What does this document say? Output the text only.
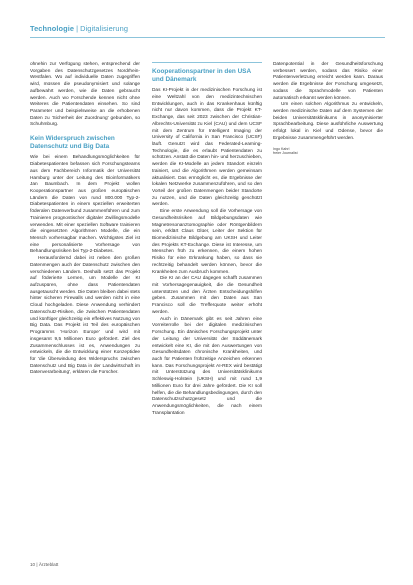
Technologie | Digitalisierung

ohnehin zur Verfügung stehen, entsprechend der Vorgaben des Datenschutzgesetzes Nordrhein-Westfalen. Wo auf individuelle Daten zugegriffen wird, müssen die pseudonymisiert und solange aufbewahrt werden, wie die Daten gebraucht werden. Auch wo Forschende kennen nicht ohne Weiteres die Patientendaten einsehen. So sind Parameter und beispielsweise an die erhobenen Daten zu 'Sicherheit der Zuordnung' gebunden, so Schuhmburg.

Kein Widerspruch zwischen Datenschutz und Big Data

Wie bei einem Behandlungsmöglichkeiten für Diabetespatienten befassen sich Forschungsteams aus dem Fachbereich Informatik der Universität Hamburg unter der Leitung des Bioinformatikers Jan Baumbach. In dem Projekt wollen Kooperationspartner aus großen europäischen Ländern die Daten von rund 800.000 Typ-2-Diabetespatienten in einem speziellen erweiterten föderalen Datenverbund zusammenführen und zum Trainieren prognostischer digitaler Zwillingsmodelle verwenden. Mit einer speziellen Software trainieren die eingesetzten Algorithmen Modelle, die ein Mensch vorhersagbar machen. Wichtigstes Ziel ist eine personalisierte Vorhersage von Behandlungsrisiken bei Typ-2-Diabetes.

Herausfordernd dabei ist neben den großen Datenmengen auch der Datenschutz zwischen den verschiedenen Ländern. Deshalb setzt das Projekt auf föderierte Lernen, um Modelle der KI aufzuspüren, ohne dass Patientendaten ausgetauscht werden. Die Daten bleiben dabei stets hinter sicheren Firewalls und werden nicht in eine Cloud hochgeladen. Diese Anwendung verhindert Datenschutz-Risiken, die zwischen Patientendaten und künftiger gleichzeitig ein effektives Nutzung von Big Data. Das Projekt ist Teil des europäischen Programms 'Horizon Europe' und wird mit insgesamt 9,5 Millionen Euro gefördert. Ziel des Zusammenschlusses ist es, Anwendungen zu entwickeln, die die Entwicklung einer Konzeptidee für 'die Überwindung des Widerspruchs zwischen Datenschutz und Big Data in der Landwirtschaft im Datenverarbeitung', erklären die Forscher.

Kooperationspartner in den USA und Dänemark

Das KI-Projekt in der medizinischen Forschung ist eine Weltzahl von den medizintechnischen Entwicklungen, auch in das Krankenhaus künftig nicht nur davon kommen, dass die Projekt KT-Exchange, das seit 2023 zwischen der Christian-Albrechts-Universität zu Kiel (CAU) und dem UCSF mit dem Zentrum für Intelligent Imaging der University of California in San Francisco (UCSF) läuft. Genutzt wird das Federated-Learning-Technologie, die es erlaubt Patientendaten zu schützen. Anstatt die Daten hin- und herzuschieben, werden die KI-Modelle an jedem Standort einzeln trainiert, und die Algorithmen werden gemeinsam aktualisiert. Das ermöglicht es, die Ergebnisse der lokalen Netzwerke zusammenzuführen, und so den Vorteil der großen Datenmengen beider Standorte zu nutzen, und die Daten gleichzeitig geschützt werden.

Eine erste Anwendung soll die Vorhersage von Gesundheitsrisiken auf Bildgebungsdaten wie Magnetresonanztomographie oder Röntgenbildern sein, erklärt Claus Glüer, Leiter der Sektion für Biomedizinische Bildgebung am UKSH und Leiter des Projekts KT-Exchange. Diese ist Interesse, um Menschen früh zu erkennen, die einem hohen Risiko für eine Erkrankung haben, so dass sie rechtzeitig behandelt werden können, bevor die Krankheiten zum Ausbruch kommen.

Die KI an der CAU dagegen schafft zusammen mit Vorhersagegenauigkeit, die die Gesundheit unterstützen und den Ärzten Entscheidungshilfen geben. Zusammen mit den Daten aus San Francisco soll die Trefferquote weiter erhöht werden.

Auch in Dänemark gibt es seit Jahren eine Vorreiterrolle bei der digitalen medizinischen Forschung. Ein dänisches Forschungsprojekt unter der Leitung der Universität der Süddänemark entwickelt eine KI, die mit den Auswertungen von Gesundheitsdaten chronische Krankheiten, und auch für Patienten frühzeitige Anzeichen erkennen kann. Das Forschungsprojekt AI-REX wird bestätigt mit Unterstützung des Universitätsklinikums Schleswig-Holstein (UKSH) und mit rund 1,9 Millionen Euro für drei Jahre gefördert. Die KI soll helfen, die die Behandlungsbedingungen, durch den Datenschutzschutzgesetz und die Anwendungsmöglichkeiten, die nach einem Transplantation

Datenpotential in der Gesundheitsforschung verbessert werden, sodass das Risiko einer Patientenverletzung erreicht werden kann. Daraus werden die Ergebnisse der Forschung umgesetzt, sodass die Sprachmodelle von Patienten automatisch erkannt werden können.

Um einen solchen Algorithmus zu entwickeln, werden medizinische Daten auf dem Systemen der beiden Universitätsklinikums in anonymisierter Sprachbearbeitung. Diese ausführliche Auswertung erfolgt lokal in Kiel und Odense, bevor die Ergebnisse zusammengeführt werden.

Ingo Kahrl
freier Journalist
10 | Ärzteblatt
